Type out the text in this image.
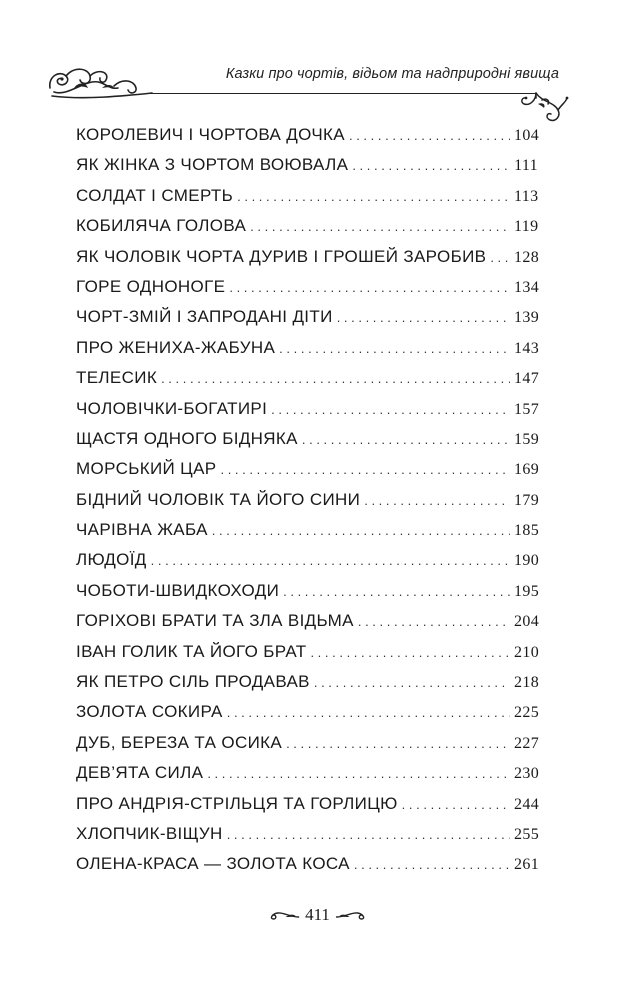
Казки про чортів, відьом та надприродні явища
КОРОЛЕВИЧ І ЧОРТОВА ДОЧКА . . .	104
ЯК ЖІНКА З ЧОРТОМ ВОЮВАЛА . . .	111
СОЛДАТ І СМЕРТЬ . . .	113
КОБИЛЯЧА ГОЛОВА . . .	119
ЯК ЧОЛОВІК ЧОРТА ДУРИВ І ГРОШЕЙ ЗАРОБИВ . . . 128
ГОРЕ ОДНОНОГЕ . . .	134
ЧОРТ-ЗМІЙ І ЗАПРОДАНІ ДІТИ . . .	139
ПРО ЖЕНИХА-ЖАБУНА . . .	143
ТЕЛЕСИК . . .	147
ЧОЛОВІЧКИ-БОГАТИРІ . . .	157
ЩАСТЯ ОДНОГО БІДНЯКА . . .	159
МОРСЬКИЙ ЦАР . . .	169
БІДНИЙ ЧОЛОВІК ТА ЙОГО СИНИ . . .	179
ЧАРІВНА ЖАБА . . .	185
ЛЮДОЇД . . .	190
ЧОБОТИ-ШВИДКОХОДИ . . .	195
ГОРІХОВІ БРАТИ ТА ЗЛА ВІДЬМА . . .	204
ІВАН ГОЛИК ТА ЙОГО БРАТ . . .	210
ЯК ПЕТРО СІЛЬ ПРОДАВАВ . . .	218
ЗОЛОТА СОКИРА . . .	225
ДУБ, БЕРЕЗА ТА ОСИКА . . .	227
ДЕВ’ЯТА СИЛА . . .	230
ПРО АНДРІЯ-СТРІЛЬЦЯ ТА ГОРЛИЦЮ . . .	244
ХЛОПЧИК-ВІЩУН . . .	255
ОЛЕНА-КРАСА — ЗОЛОТА КОСА . . .	261
411
